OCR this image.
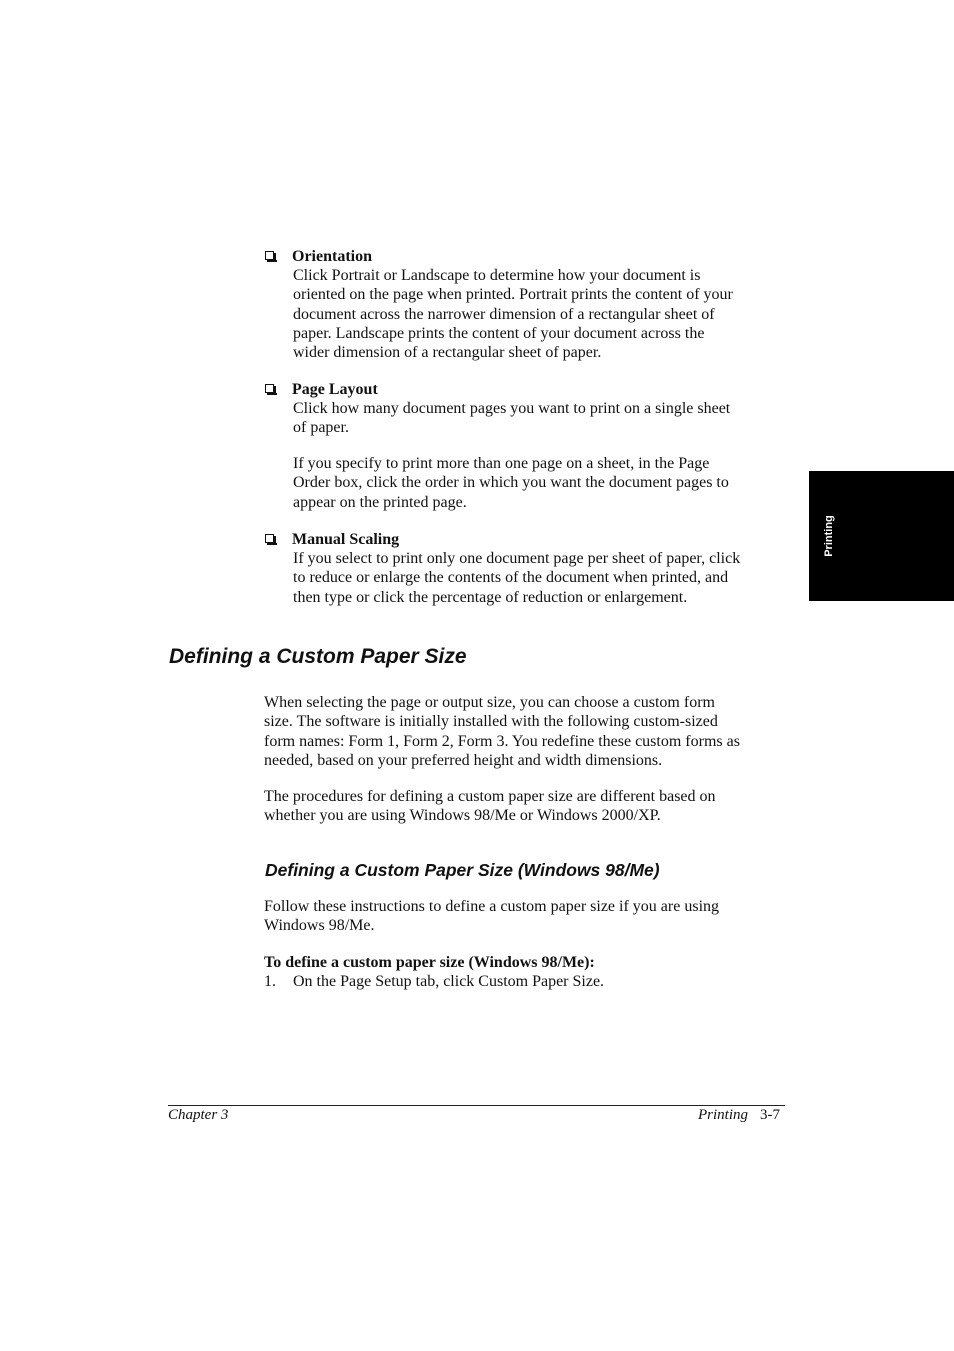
Orientation
Click Portrait or Landscape to determine how your document is
oriented on the page when printed. Portrait prints the content of your
document across the narrower dimension of a rectangular sheet of
paper. Landscape prints the content of your document across the
wider dimension of a rectangular sheet of paper.
Page Layout
Click how many document pages you want to print on a single sheet
of paper.
If you specify to print more than one page on a sheet, in the Page
Order box, click the order in which you want the document pages to
appear on the printed page.
Manual Scaling
If you select to print only one document page per sheet of paper, click
to reduce or enlarge the contents of the document when printed, and
then type or click the percentage of reduction or enlargement.
Defining a Custom Paper Size
When selecting the page or output size, you can choose a custom form
size. The software is initially installed with the following custom-sized
form names: Form 1, Form 2, Form 3. You redefine these custom forms as
needed, based on your preferred height and width dimensions.
The procedures for defining a custom paper size are different based on
whether you are using Windows 98/Me or Windows 2000/XP.
Defining a Custom Paper Size (Windows 98/Me)
Follow these instructions to define a custom paper size if you are using
Windows 98/Me.
To define a custom paper size (Windows 98/Me):
1. On the Page Setup tab, click Custom Paper Size.
Printing
Chapter 3	Printing 3-7
